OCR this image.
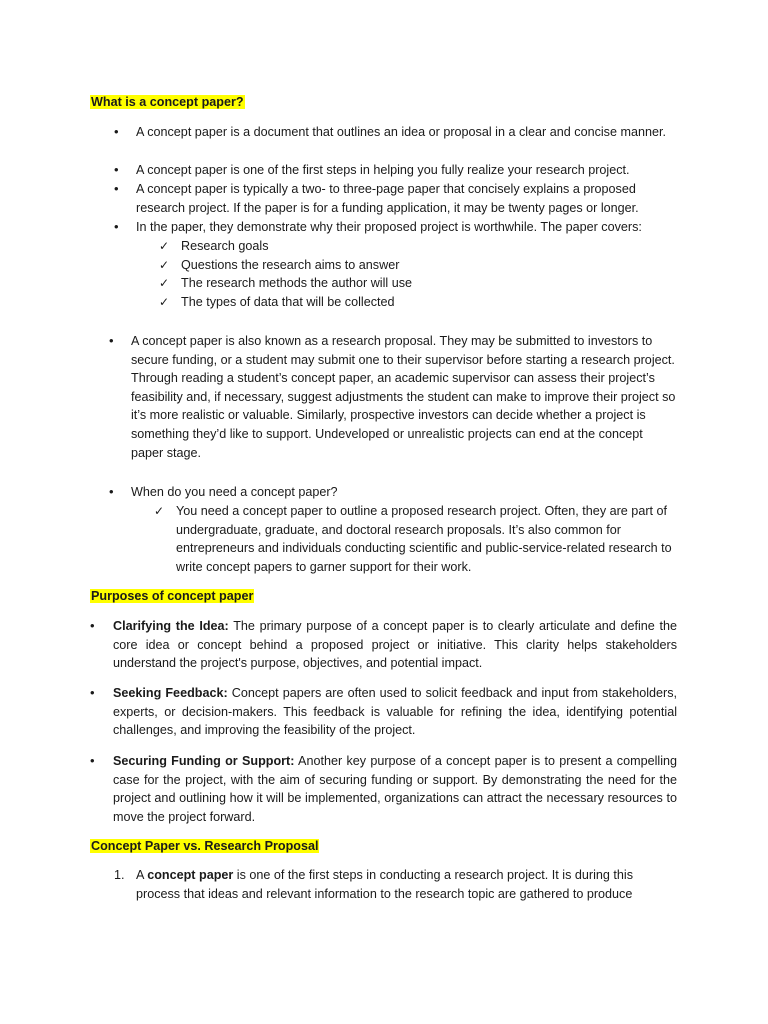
What is a concept paper?
• A concept paper is a document that outlines an idea or proposal in a clear and concise manner.

• A concept paper is one of the first steps in helping you fully realize your research project.

• A concept paper is typically a two- to three-page paper that concisely explains a proposed research project. If the paper is for a funding application, it may be twenty pages or longer.

• In the paper, they demonstrate why their proposed project is worthwhile. The paper covers:

✓ Research goals

✓ Questions the research aims to answer

✓ The research methods the author will use

✓ The types of data that will be collected

• A concept paper is also known as a research proposal. They may be submitted to investors to secure funding, or a student may submit one to their supervisor before starting a research project. Through reading a student’s concept paper, an academic supervisor can assess their project’s feasibility and, if necessary, suggest adjustments the student can make to improve their project so it’s more realistic or valuable. Similarly, prospective investors can decide whether a project is something they’d like to support. Undeveloped or unrealistic projects can end at the concept paper stage.

• When do you need a concept paper?

✓ You need a concept paper to outline a proposed research project. Often, they are part of undergraduate, graduate, and doctoral research proposals. It’s also common for entrepreneurs and individuals conducting scientific and public-service-related research to write concept papers to garner support for their work.

Purposes of concept paper
• Clarifying the Idea: The primary purpose of a concept paper is to clearly articulate and define the core idea or concept behind a proposed project or initiative. This clarity helps stakeholders understand the project's purpose, objectives, and potential impact.

• Seeking Feedback: Concept papers are often used to solicit feedback and input from stakeholders, experts, or decision-makers. This feedback is valuable for refining the idea, identifying potential challenges, and improving the feasibility of the project.

• Securing Funding or Support: Another key purpose of a concept paper is to present a compelling case for the project, with the aim of securing funding or support. By demonstrating the need for the project and outlining how it will be implemented, organizations can attract the necessary resources to move the project forward.

Concept Paper vs. Research Proposal
1. A concept paper is one of the first steps in conducting a research project. It is during this process that ideas and relevant information to the research topic are gathered to produce
